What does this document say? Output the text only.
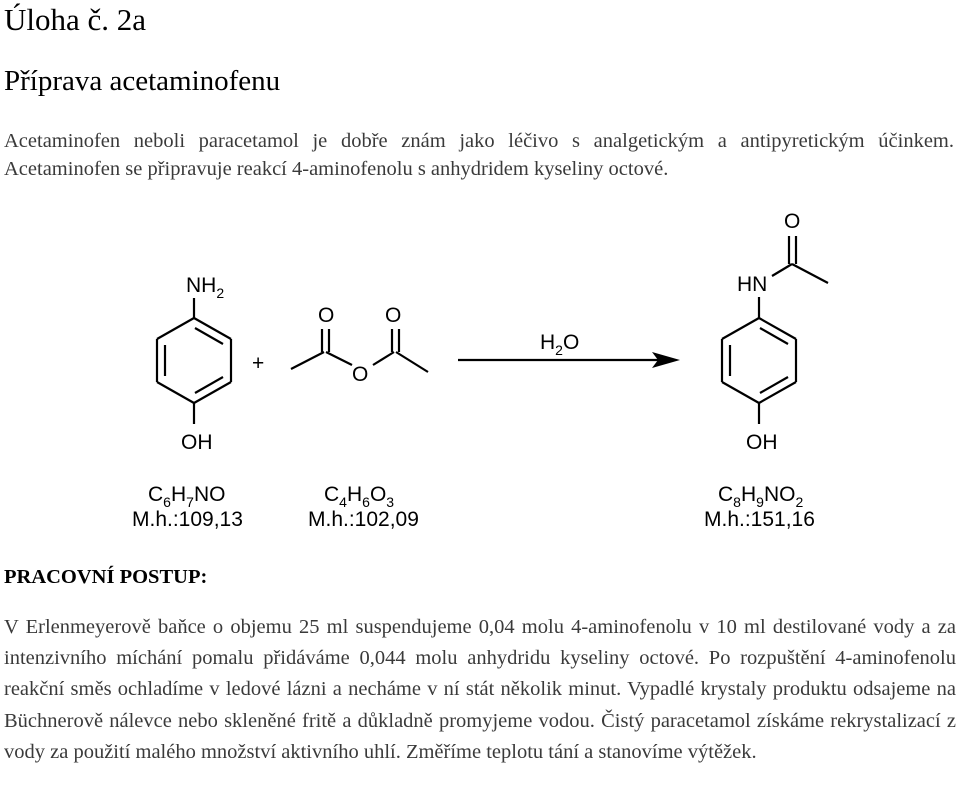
Úloha č. 2a
Příprava acetaminofenu

Acetaminofen neboli paracetamol je dobře znám jako léčivo s analgetickým a antipyretickým účinkem. Acetaminofen se připravuje reakcí 4-aminofenolu s anhydridem kyseliny octové.

$NH_2$
OH
$C_6H_7NO$
M.h.:109,13
+
O O
O
$C_4H_6O_3$
M.h.:102,09
$H_2O$
O
HN
OH
$C_8H_9NO_2$
M.h.:151,16
PRACOVNÍ POSTUP:

V Erlenmeyerově baňce o objemu 25 ml suspendujeme 0,04 molu 4-aminofenolu v 10 ml destilované vody a za intenzivního míchání pomalu přidáváme 0,044 molu anhydridu kyseliny octové. Po rozpuštění 4-aminofenolu reakční směs ochladíme v ledové lázni a necháme v ní stát několik minut. Vypadlé krystaly produktu odsajeme na Büchnerově nálevce nebo skleněné fritě a důkladně promyjeme vodou. Čistý paracetamol získáme rekrystalizací z vody za použití malého množství aktivního uhlí. Změříme teplotu tání a stanovíme výtěžek.
